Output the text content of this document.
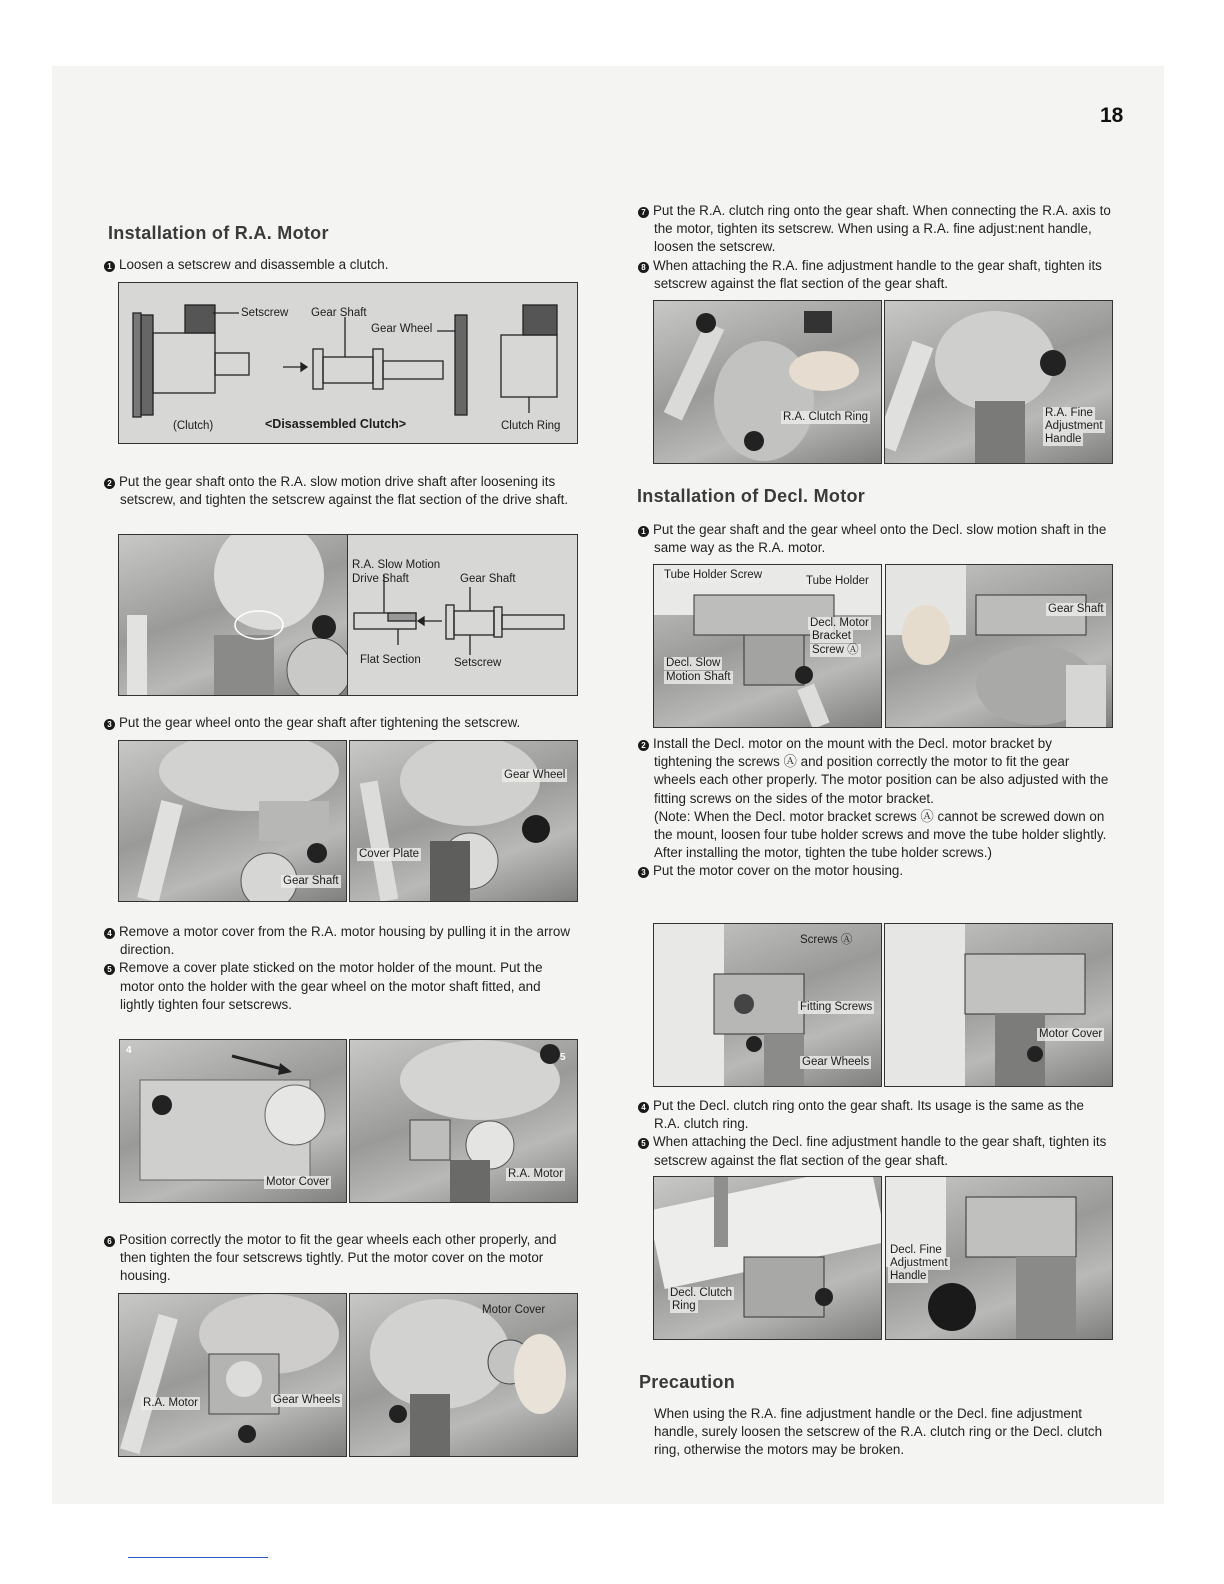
18
Installation of R.A. Motor
1 Loosen a setscrew and disassemble a clutch.
Setscrew Gear Shaft
Gear Wheel
(Clutch)	<Disassembled Clutch>	Clutch Ring
2 Put the gear shaft onto the R.A. slow motion drive shaft after loosening its setscrew, and tighten the setscrew against the flat section of the drive shaft.
R.A. Slow Motion
Drive Shaft	Gear Shaft
Flat Section	Setscrew
3 Put the gear wheel onto the gear shaft after tightening the setscrew.
Gear Shaft
Gear Wheel
Cover Plate
4 Remove a motor cover from the R.A. motor housing by pulling it in the arrow direction.
5 Remove a cover plate sticked on the motor holder of the mount. Put the motor onto the holder with the gear wheel on the motor shaft fitted, and lightly tighten four setscrews.
4
Motor Cover
5
R.A. Motor
6 Position correctly the motor to fit the gear wheels each other properly, and then tighten the four setscrews tightly. Put the motor cover on the motor housing.
R.A. Motor	Gear Wheels
Motor Cover
7 Put the R.A. clutch ring onto the gear shaft. When connecting the R.A. axis to the motor, tighten its setscrew. When using a R.A. fine adjust:nent handle, loosen the setscrew.
8 When attaching the R.A. fine adjustment handle to the gear shaft, tighten its setscrew against the flat section of the gear shaft.
R.A. Clutch Ring	R.A. Fine
Adjustment
Handle
Installation of Decl. Motor
1 Put the gear shaft and the gear wheel onto the Decl. slow motion shaft in the same way as the R.A. motor.
Tube Holder Screw	Tube Holder
Decl. Motor
Bracket
Screw Ⓐ
Decl. Slow
Motion Shaft
Gear Shaft
2 Install the Decl. motor on the mount with the Decl. motor bracket by tightening the screws Ⓐ and position correctly the motor to fit the gear wheels each other properly. The motor position can be also adjusted with the fitting screws on the sides of the motor bracket.
(Note: When the Decl. motor bracket screws Ⓐ cannot be screwed down on the mount, loosen four tube holder screws and move the tube holder slightly. After installing the motor, tighten the tube holder screws.)
3 Put the motor cover on the motor housing.
Screws Ⓐ
Fitting Screws
Gear Wheels
Motor Cover
4 Put the Decl. clutch ring onto the gear shaft. Its usage is the same as the R.A. clutch ring.
5 When attaching the Decl. fine adjustment handle to the gear shaft, tighten its setscrew against the flat section of the gear shaft.
Decl. Clutch
Ring
Decl. Fine
Adjustment
Handle
Precaution
When using the R.A. fine adjustment handle or the Decl. fine adjustment handle, surely loosen the setscrew of the R.A. clutch ring or the Decl. clutch ring, otherwise the motors may be broken.
